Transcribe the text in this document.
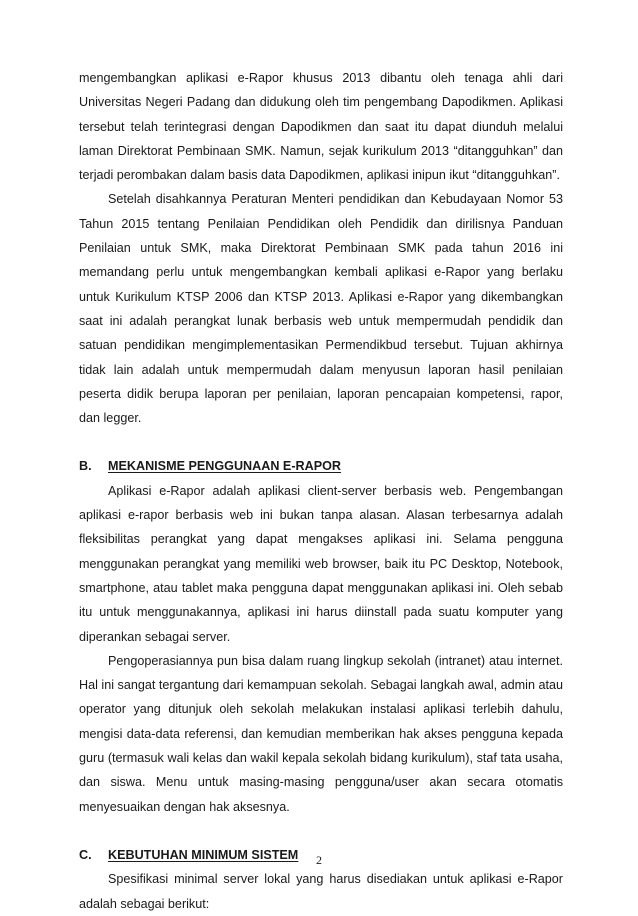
mengembangkan aplikasi e-Rapor khusus 2013 dibantu oleh tenaga ahli dari Universitas Negeri Padang dan didukung oleh tim pengembang Dapodikmen. Aplikasi tersebut telah terintegrasi dengan Dapodikmen dan saat itu dapat diunduh melalui laman Direktorat Pembinaan SMK. Namun, sejak kurikulum 2013 “ditangguhkan” dan terjadi perombakan dalam basis data Dapodikmen, aplikasi inipun ikut “ditangguhkan”.

Setelah disahkannya Peraturan Menteri pendidikan dan Kebudayaan Nomor 53 Tahun 2015 tentang Penilaian Pendidikan oleh Pendidik dan dirilisnya Panduan Penilaian untuk SMK, maka Direktorat Pembinaan SMK pada tahun 2016 ini memandang perlu untuk mengembangkan kembali aplikasi e-Rapor yang berlaku untuk Kurikulum KTSP 2006 dan KTSP 2013. Aplikasi e-Rapor yang dikembangkan saat ini adalah perangkat lunak berbasis web untuk mempermudah pendidik dan satuan pendidikan mengimplementasikan Permendikbud tersebut. Tujuan akhirnya tidak lain adalah untuk mempermudah dalam menyusun laporan hasil penilaian peserta didik berupa laporan per penilaian, laporan pencapaian kompetensi, rapor, dan legger.

B.	MEKANISME PENGGUNAAN E-RAPOR

Aplikasi e-Rapor adalah aplikasi client-server berbasis web. Pengembangan aplikasi e-rapor berbasis web ini bukan tanpa alasan. Alasan terbesarnya adalah fleksibilitas perangkat yang dapat mengakses aplikasi ini. Selama pengguna menggunakan perangkat yang memiliki web browser, baik itu PC Desktop, Notebook, smartphone, atau tablet maka pengguna dapat menggunakan aplikasi ini. Oleh sebab itu untuk menggunakannya, aplikasi ini harus diinstall pada suatu komputer yang diperankan sebagai server.

Pengoperasiannya pun bisa dalam ruang lingkup sekolah (intranet) atau internet. Hal ini sangat tergantung dari kemampuan sekolah. Sebagai langkah awal, admin atau operator yang ditunjuk oleh sekolah melakukan instalasi aplikasi terlebih dahulu, mengisi data-data referensi, dan kemudian memberikan hak akses pengguna kepada guru (termasuk wali kelas dan wakil kepala sekolah bidang kurikulum), staf tata usaha, dan siswa. Menu untuk masing-masing pengguna/user akan secara otomatis menyesuaikan dengan hak aksesnya.

C.	KEBUTUHAN MINIMUM SISTEM

Spesifikasi minimal server lokal yang harus disediakan untuk aplikasi e-Rapor adalah sebagai berikut:

2
